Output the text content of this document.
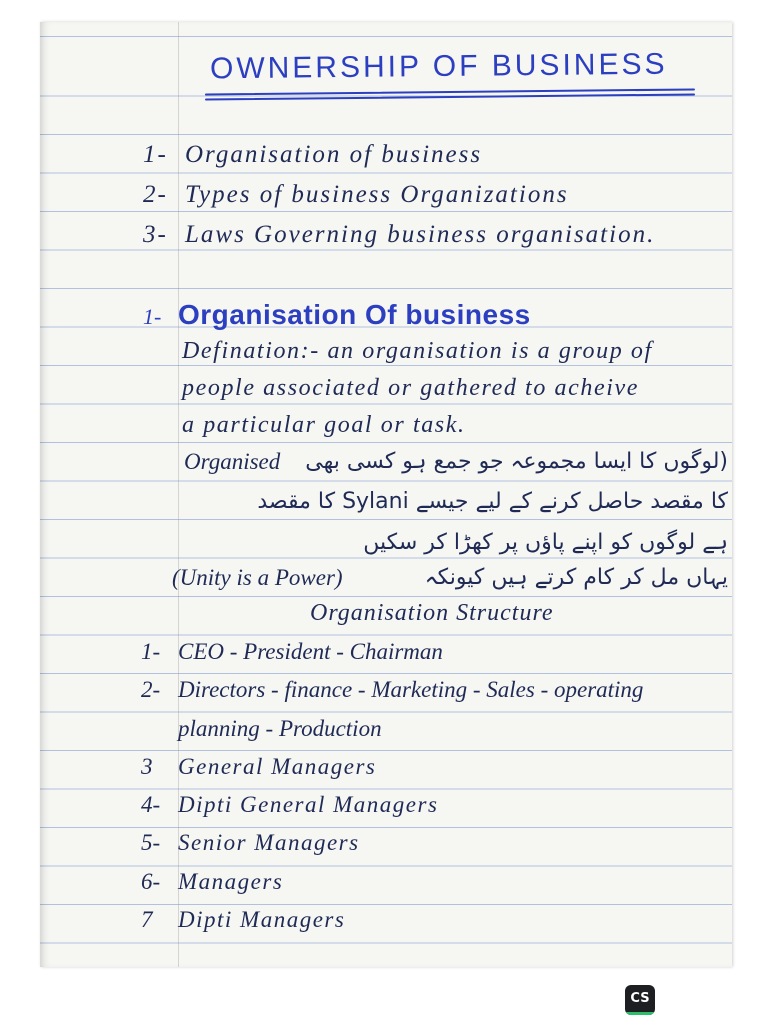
OWNERSHIP OF BUSINESS
1- Organisation of business
2- Types of business Organizations
3- Laws Governing business organisation.
1- Organisation Of business
Defination:- an organisation is a group of
people associated or gathered to acheive
a particular goal or task.
Organised (لوگوں کا ایسا مجموعہ جو جمع ہو کسی بھی
کا مقصد حاصل کرنے کے لیے جیسے Sylani کا مقصد
ہے لوگوں کو اپنے پاؤں پر کھڑا کر سکیں
(Unity is a Power)	یہاں مل کر کام کرتے ہیں کیونکہ
Organisation Structure
1- CEO - President - Chairman
2- Directors - finance - Marketing - Sales - operating
planning - Production
3 General Managers
4- Dipti General Managers
5- Senior Managers
6- Managers
7 Dipti Managers
CS
